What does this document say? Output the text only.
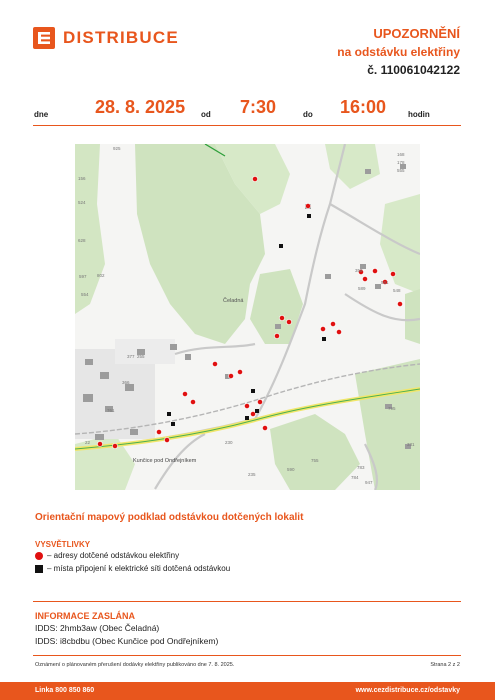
DISTRIBUCE	UPOZORNĚNÍ
na odstávku elektřiny
č. 110061042122
dne	28. 8. 2025 od 7:30	do 16:00	hodin
925
156
524
628
597
554
802
377 255
366
22
761
230
235
590
755
783
784
947
331
795
168
178
555
358
561
589	548
Čeladná
Kunčice pod Ondřejníkem
Orientační mapový podklad odstávkou dotčených lokalit
VYSVĚTLIVKY
– adresy dotčené odstávkou elektřiny
– místa připojení k elektrické síti dotčená odstávkou
INFORMACE ZASLÁNA
IDDS: 2hmb3aw (Obec Čeladná)
IDDS: i8cbdbu (Obec Kunčice pod Ondřejníkem)
Oznámení o plánovaném přerušení dodávky elektřiny publikováno dne 7. 8. 2025.	Strana 2 z 2
Linka 800 850 860	www.cezdistribuce.cz/odstavky
